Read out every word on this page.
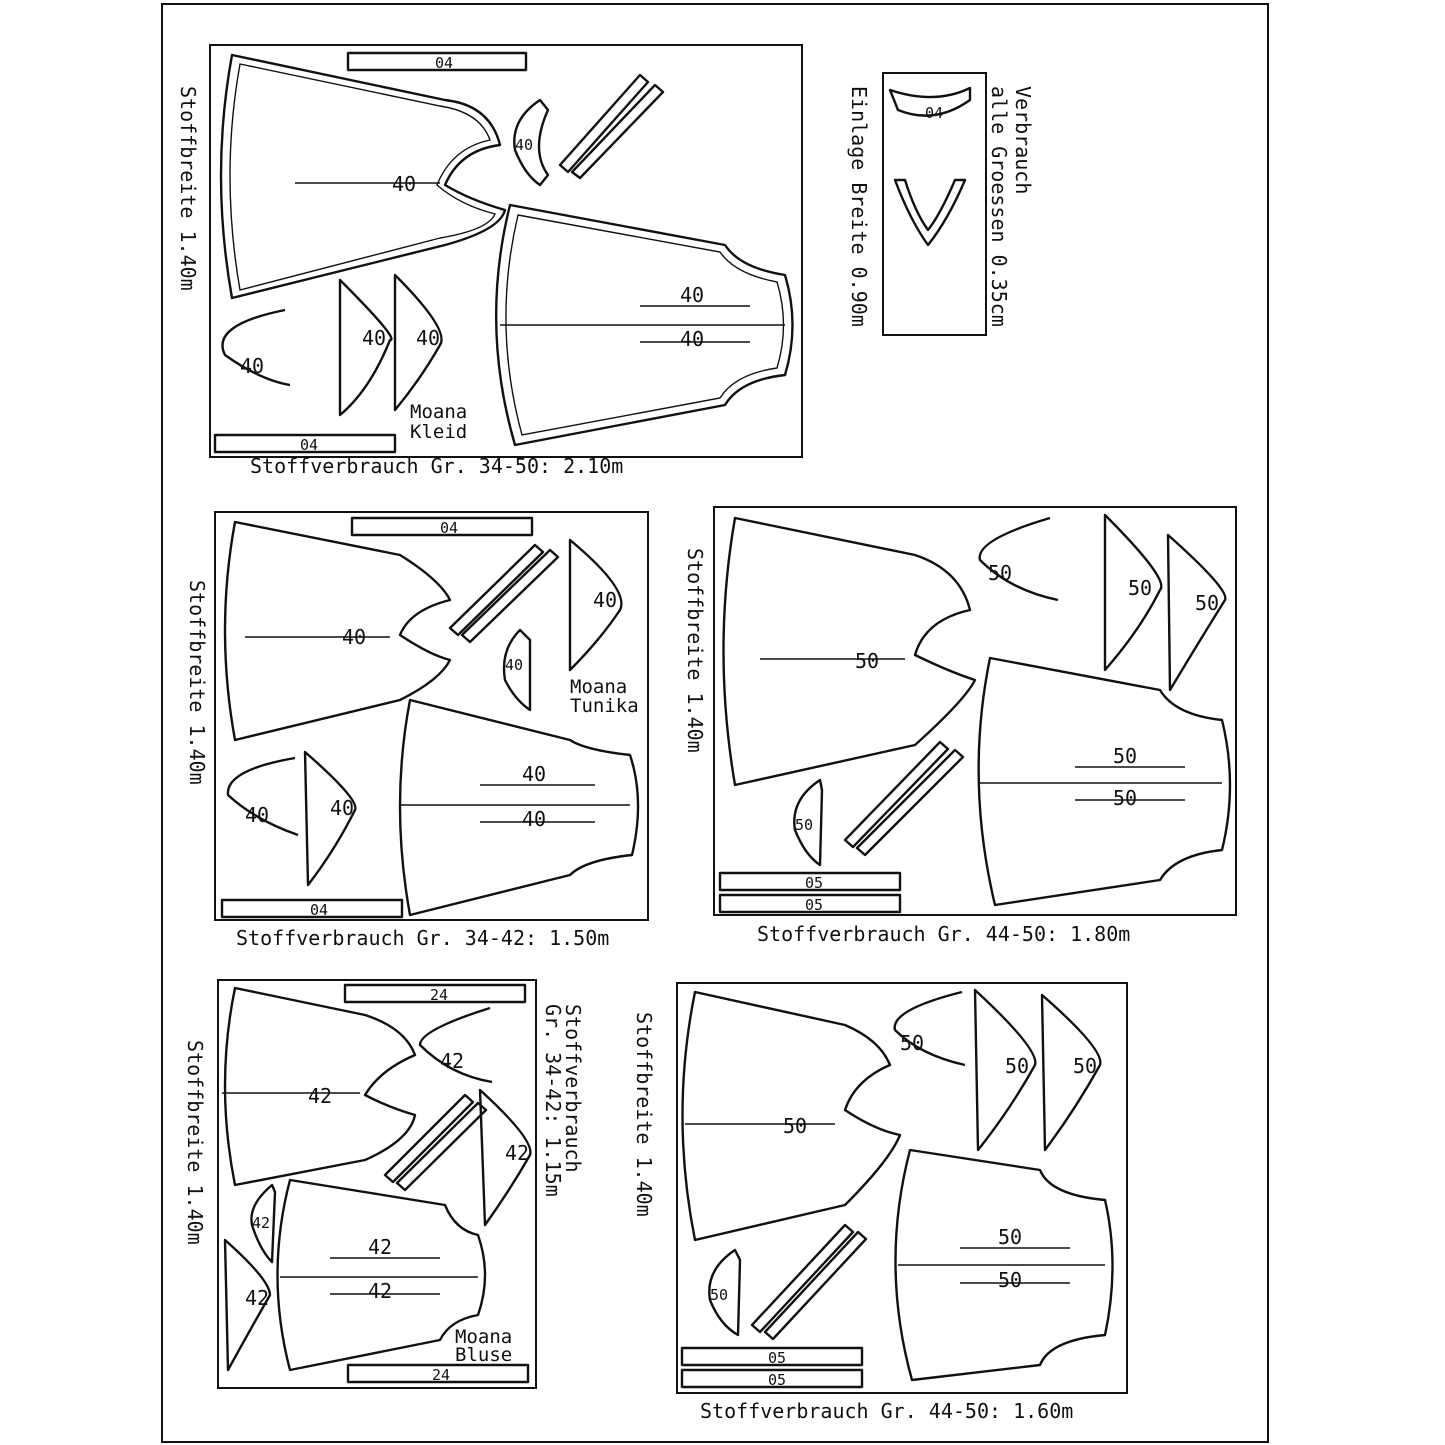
Stoffbreite 1.40m	40
40
40
40 40
40
40
04
04
Moana
Kleid
Stoffverbrauch Gr. 34-50: 2.10m
04	Verbrauch
alle Groessen 0.35cm
Einlage Breite 0.90m
Stoffbreite 1.40m	40
40
40
40
40
40
40
04
04
Moana
Tunika
Stoffverbrauch Gr. 34-42: 1.50m
Stoffbreite 1.40m	50
50
50
50
50
50
50
05
05
Stoffverbrauch Gr. 44-50: 1.80m
Stoffbreite 1.40m	42
42
42
42
42
42
42
24
24
Moana
Bluse
Stoffverbrauch
Gr. 34-42: 1.15m	Stoffbreite 1.40m	50
50
50
50 50
50
50
05
05
Stoffverbrauch Gr. 44-50: 1.60m
